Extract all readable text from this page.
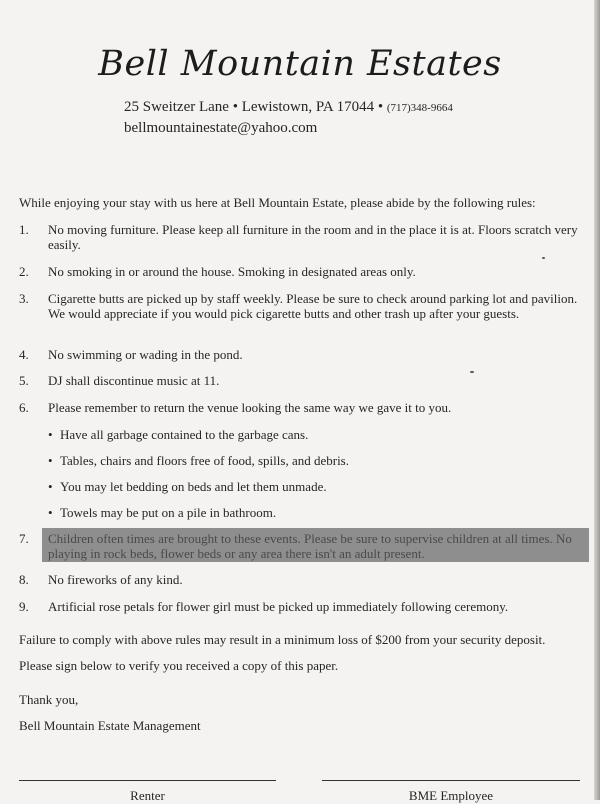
Bell Mountain Estates
25 Sweitzer Lane • Lewistown, PA 17044 • (717)348-9664
bellmountainestate@yahoo.com
While enjoying your stay with us here at Bell Mountain Estate, please abide by the following rules:
1. No moving furniture. Please keep all furniture in the room and in the place it is at. Floors scratch very easily.
2. No smoking in or around the house. Smoking in designated areas only.
3. Cigarette butts are picked up by staff weekly. Please be sure to check around parking lot and pavilion. We would appreciate if you would pick cigarette butts and other trash up after your guests.
4. No swimming or wading in the pond.
5. DJ shall discontinue music at 11.
6. Please remember to return the venue looking the same way we gave it to you.
• Have all garbage contained to the garbage cans.
• Tables, chairs and floors free of food, spills, and debris.
• You may let bedding on beds and let them unmade.
• Towels may be put on a pile in bathroom.
7. Children often times are brought to these events. Please be sure to supervise children at all times. No playing in rock beds, flower beds or any area there isn't an adult present.
8. No fireworks of any kind.
9. Artificial rose petals for flower girl must be picked up immediately following ceremony.
Failure to comply with above rules may result in a minimum loss of $200 from your security deposit.
Please sign below to verify you received a copy of this paper.
Thank you,
Bell Mountain Estate Management
Renter	BME Employee
